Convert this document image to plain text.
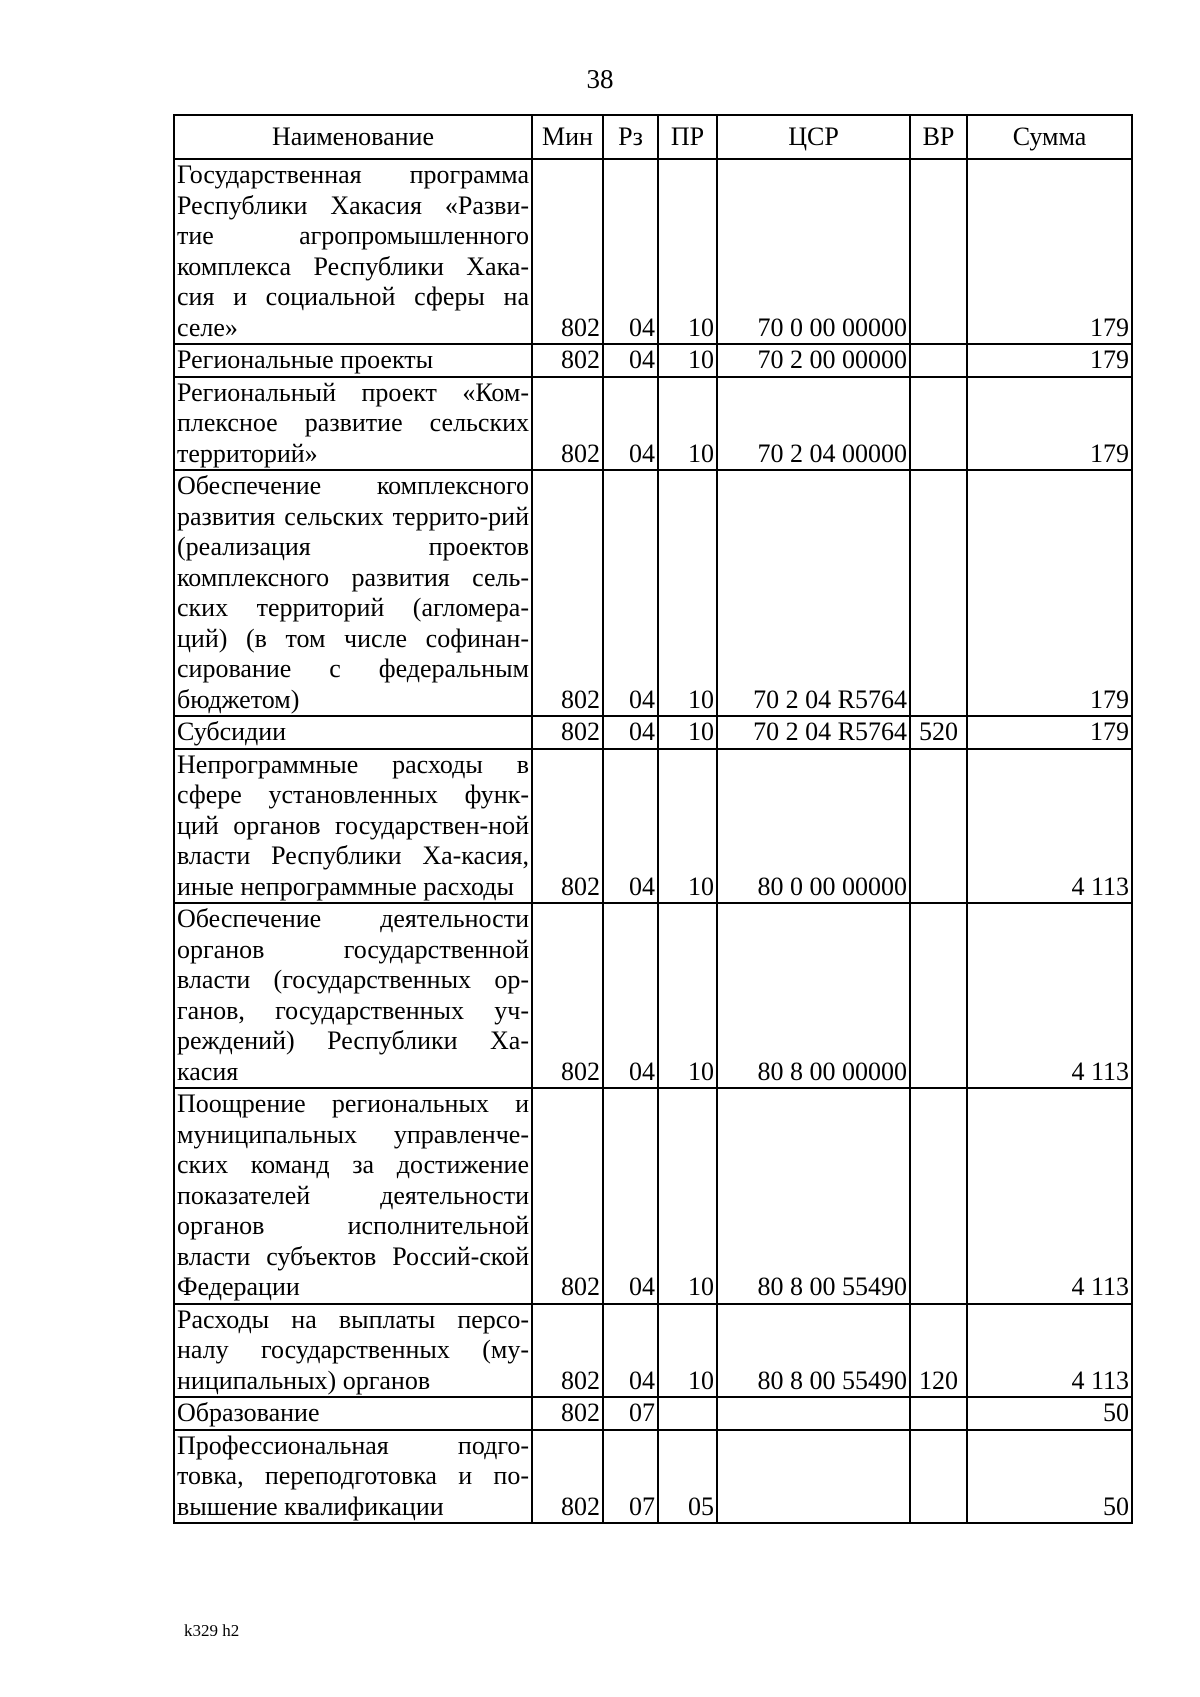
38
Наименование	Мин	Рз	ПР	ЦСР	ВР	Сумма
Государственная программа Республики Хакасия «Разви-тие агропромышленного комплекса Республики Хака-сия и социальной сферы на селе»	802	04	10	70 0 00 00000		179
Региональные проекты	802	04	10	70 2 00 00000		179
Региональный проект «Ком-плексное развитие сельских территорий»	802	04	10	70 2 04 00000		179
Обеспечение комплексного развития сельских террито-рий (реализация проектов комплексного развития сель-ских территорий (агломера-ций) (в том числе софинан-сирование с федеральным бюджетом)	802	04	10	70 2 04 R5764		179
Субсидии	802	04	10	70 2 04 R5764	520	179
Непрограммные расходы в сфере установленных функ-ций органов государствен-ной власти Республики Ха-касия, иные непрограммные расходы	802	04	10	80 0 00 00000		4 113
Обеспечение деятельности органов государственной власти (государственных ор-ганов, государственных уч-реждений) Республики Ха-касия	802	04	10	80 8 00 00000		4 113
Поощрение региональных и муниципальных управленче-ских команд за достижение показателей деятельности органов исполнительной власти субъектов Россий-ской Федерации	802	04	10	80 8 00 55490		4 113
Расходы на выплаты персо-налу государственных (му-ниципальных) органов	802	04	10	80 8 00 55490	120	4 113
Образование	802	07				50
Профессиональная подго-товка, переподготовка и по-вышение квалификации	802	07	05			50
k329 h2
